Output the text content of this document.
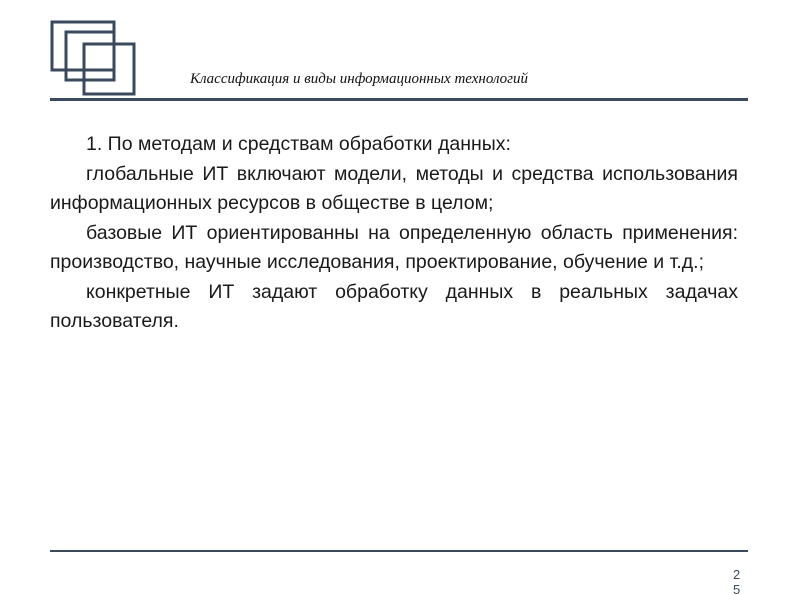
Классификация и виды информационных технологий

1. По методам и средствам обработки данных:

глобальные ИТ включают модели, методы и средства использования информационных ресурсов в обществе в целом;

базовые ИТ ориентированны на определенную область применения: производство, научные исследования, проектирование, обучение и т.д.;

конкретные ИТ задают обработку данных в реальных задачах пользователя.

25
